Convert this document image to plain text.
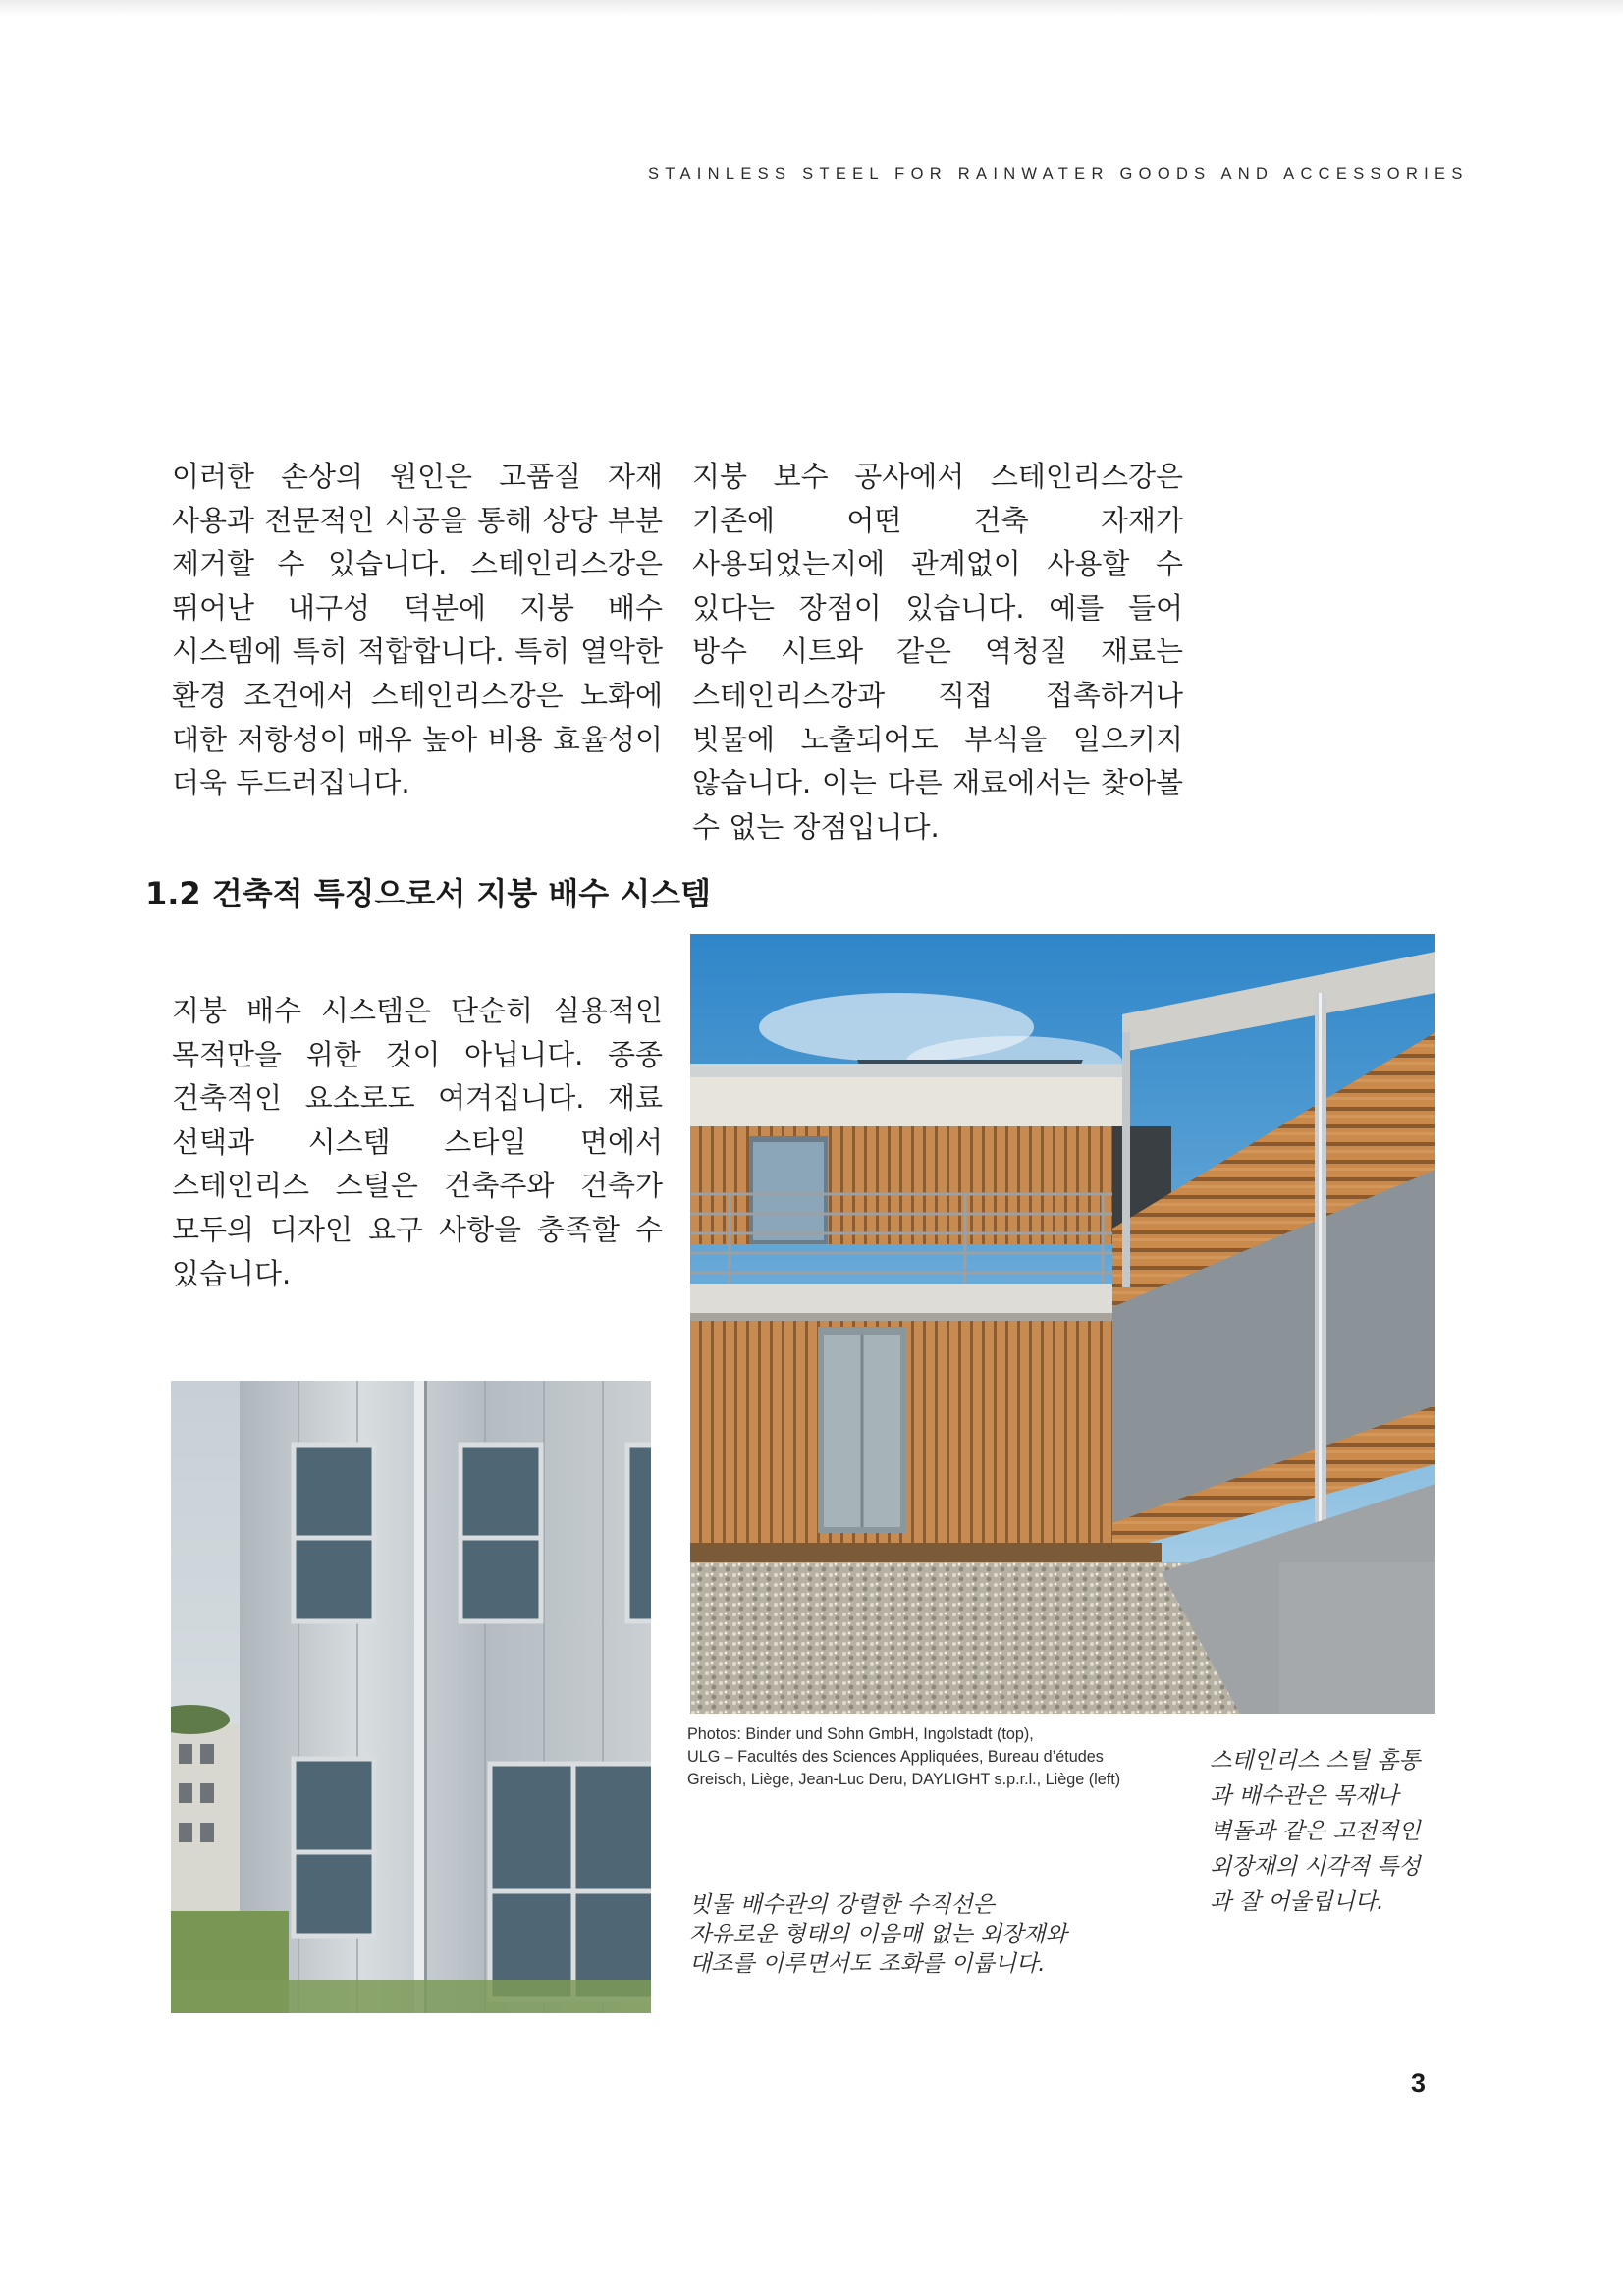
STAINLESS STEEL FOR RAINWATER GOODS AND ACCESSORIES
이러한 손상의 원인은 고품질 자재 사용과 전문적인 시공을 통해 상당 부분 제거할 수 있습니다. 스테인리스강은 뛰어난 내구성 덕분에 지붕 배수 시스템에 특히 적합합니다. 특히 열악한 환경 조건에서 스테인리스강은 노화에 대한 저항성이 매우 높아 비용 효율성이 더욱 두드러집니다.
지붕 보수 공사에서 스테인리스강은 기존에 어떤 건축 자재가 사용되었는지에 관계없이 사용할 수 있다는 장점이 있습니다. 예를 들어 방수 시트와 같은 역청질 재료는 스테인리스강과 직접 접촉하거나 빗물에 노출되어도 부식을 일으키지 않습니다. 이는 다른 재료에서는 찾아볼 수 없는 장점입니다.
1.2 건축적 특징으로서 지붕 배수 시스템
지붕 배수 시스템은 단순히 실용적인 목적만을 위한 것이 아닙니다. 종종 건축적인 요소로도 여겨집니다. 재료 선택과 시스템 스타일 면에서 스테인리스 스틸은 건축주와 건축가 모두의 디자인 요구 사항을 충족할 수 있습니다.
Photos: Binder und Sohn GmbH, Ingolstadt (top),
ULG – Facultés des Sciences Appliquées, Bureau d’études
Greisch, Liège, Jean-Luc Deru, DAYLIGHT s.p.r.l., Liège (left)
스테인리스 스틸 홈통
과 배수관은 목재나
벽돌과 같은 고전적인
외장재의 시각적 특성
과 잘 어울립니다.
빗물 배수관의 강렬한 수직선은
자유로운 형태의 이음매 없는 외장재와
대조를 이루면서도 조화를 이룹니다.
3
